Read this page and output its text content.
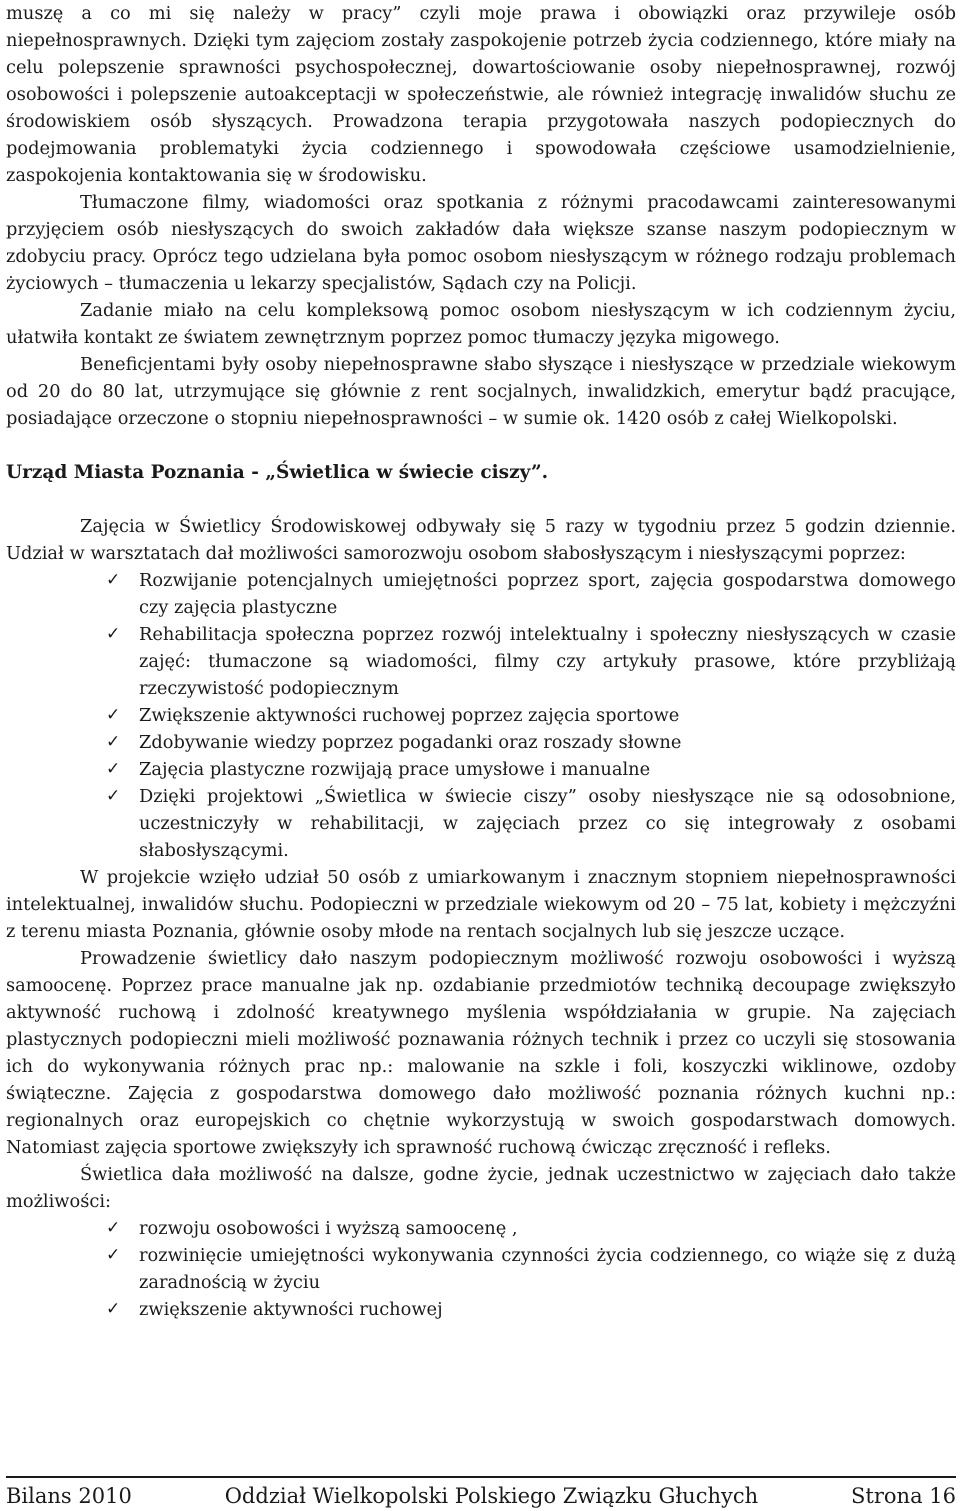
muszę a co mi się należy w pracy” czyli moje prawa i obowiązki oraz przywileje osób niepełnosprawnych. Dzięki tym zajęciom zostały zaspokojenie potrzeb życia codziennego, które miały na celu polepszenie sprawności psychospołecznej, dowartościowanie osoby niepełnosprawnej, rozwój osobowości i polepszenie autoakceptacji w społeczeństwie, ale również integrację inwalidów słuchu ze środowiskiem osób słyszących. Prowadzona terapia przygotowała naszych podopiecznych do podejmowania problematyki życia codziennego i spowodowała częściowe usamodzielnienie, zaspokojenia kontaktowania się w środowisku.

Tłumaczone filmy, wiadomości oraz spotkania z różnymi pracodawcami zainteresowanymi przyjęciem osób niesłyszących do swoich zakładów dała większe szanse naszym podopiecznym w zdobyciu pracy. Oprócz tego udzielana była pomoc osobom niesłyszącym w różnego rodzaju problemach życiowych – tłumaczenia u lekarzy specjalistów, Sądach czy na Policji.

Zadanie miało na celu kompleksową pomoc osobom niesłyszącym w ich codziennym życiu, ułatwiła kontakt ze światem zewnętrznym poprzez pomoc tłumaczy języka migowego.

Beneficjentami były osoby niepełnosprawne słabo słyszące i niesłyszące w przedziale wiekowym od 20 do 80 lat, utrzymujące się głównie z rent socjalnych, inwalidzkich, emerytur bądź pracujące, posiadające orzeczone o stopniu niepełnosprawności – w sumie ok. 1420 osób z całej Wielkopolski.

Urząd Miasta Poznania - „Świetlica w świecie ciszy”.

Zajęcia w Świetlicy Środowiskowej odbywały się 5 razy w tygodniu przez 5 godzin dziennie. Udział w warsztatach dał możliwości samorozwoju osobom słabosłyszącym i niesłyszącymi poprzez:

✓ Rozwijanie potencjalnych umiejętności poprzez sport, zajęcia gospodarstwa domowego czy zajęcia plastyczne
✓ Rehabilitacja społeczna poprzez rozwój intelektualny i społeczny niesłyszących w czasie zajęć: tłumaczone są wiadomości, filmy czy artykuły prasowe, które przybliżają rzeczywistość podopiecznym
✓ Zwiększenie aktywności ruchowej poprzez zajęcia sportowe
✓ Zdobywanie wiedzy poprzez pogadanki oraz roszady słowne
✓ Zajęcia plastyczne rozwijają prace umysłowe i manualne
✓ Dzięki projektowi „Świetlica w świecie ciszy” osoby niesłyszące nie są odosobnione, uczestniczyły w rehabilitacji, w zajęciach przez co się integrowały z osobami słabosłyszącymi.

W projekcie wzięło udział 50 osób z umiarkowanym i znacznym stopniem niepełnosprawności intelektualnej, inwalidów słuchu. Podopieczni w przedziale wiekowym od 20 – 75 lat, kobiety i mężczyźni z terenu miasta Poznania, głównie osoby młode na rentach socjalnych lub się jeszcze uczące.

Prowadzenie świetlicy dało naszym podopiecznym możliwość rozwoju osobowości i wyższą samoocenę. Poprzez prace manualne jak np. ozdabianie przedmiotów techniką decoupage zwiększyło aktywność ruchową i zdolność kreatywnego myślenia współdziałania w grupie. Na zajęciach plastycznych podopieczni mieli możliwość poznawania różnych technik i przez co uczyli się stosowania ich do wykonywania różnych prac np.: malowanie na szkle i foli, koszyczki wiklinowe, ozdoby świąteczne. Zajęcia z gospodarstwa domowego dało możliwość poznania różnych kuchni np.: regionalnych oraz europejskich co chętnie wykorzystują w swoich gospodarstwach domowych. Natomiast zajęcia sportowe zwiększyły ich sprawność ruchową ćwicząc zręczność i refleks.

Świetlica dała możliwość na dalsze, godne życie, jednak uczestnictwo w zajęciach dało także możliwości:

✓ rozwoju osobowości i wyższą samoocenę ,
✓ rozwinięcie umiejętności wykonywania czynności życia codziennego, co wiąże się z dużą zaradnością w życiu
✓ zwiększenie aktywności ruchowej
Bilans 2010	Oddział Wielkopolski Polskiego Związku Głuchych	Strona 16
